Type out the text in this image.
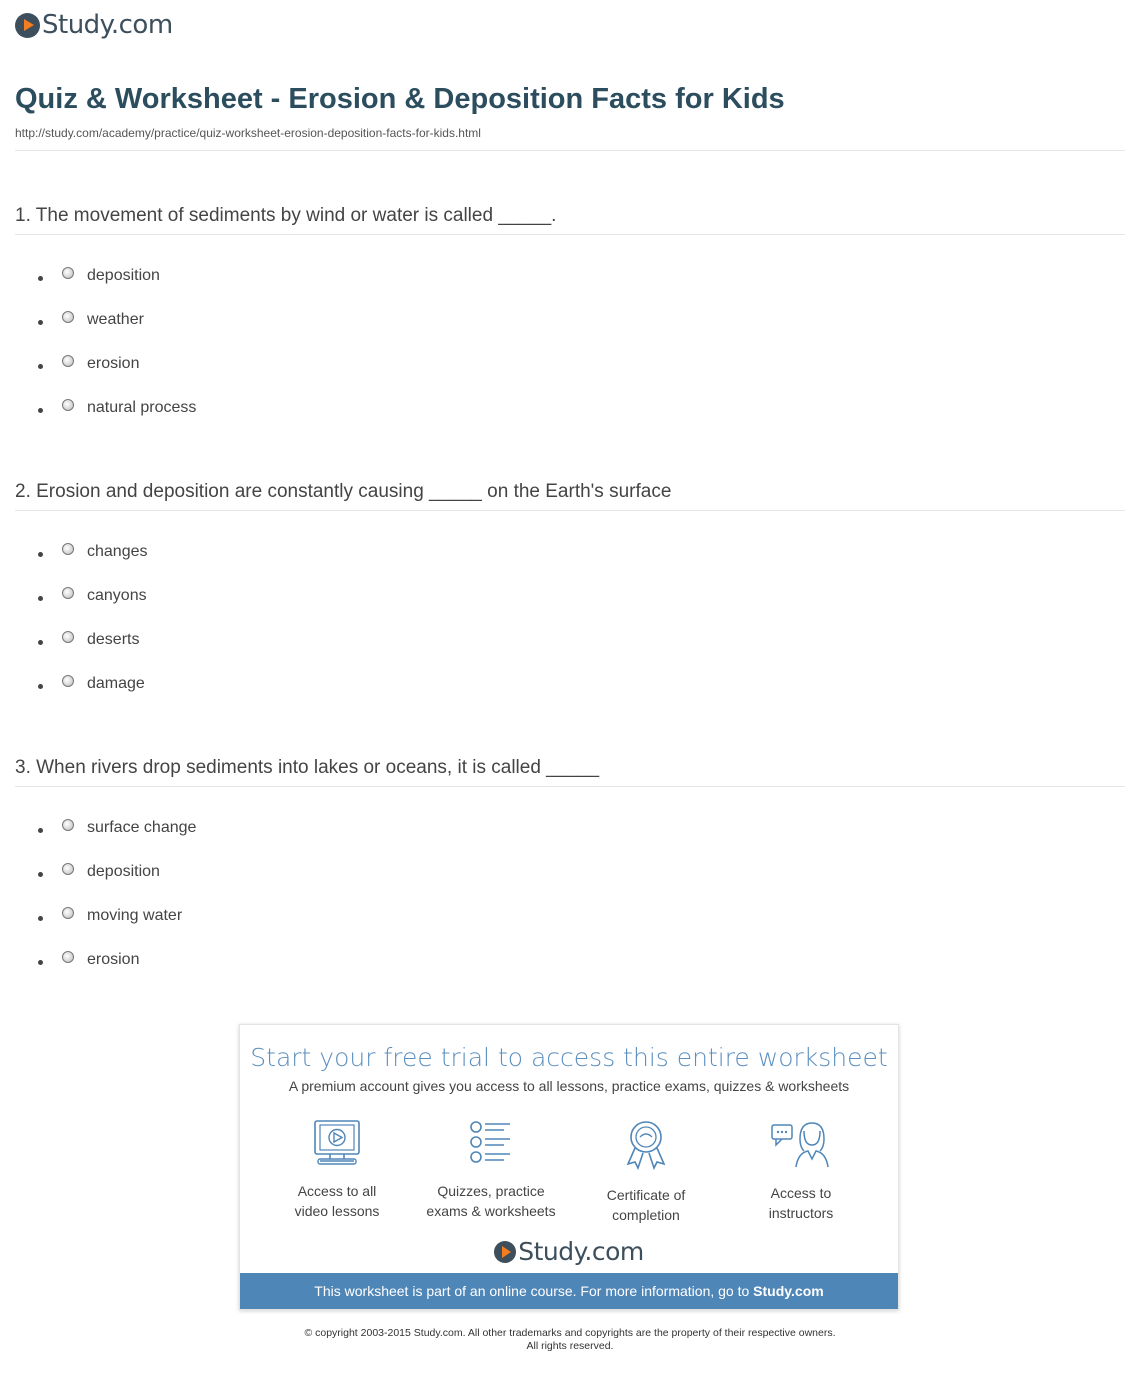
Study.com
Quiz & Worksheet - Erosion & Deposition Facts for Kids
http://study.com/academy/practice/quiz-worksheet-erosion-deposition-facts-for-kids.html
1. The movement of sediments by wind or water is called _____.
deposition
weather
erosion
natural process
2. Erosion and deposition are constantly causing _____ on the Earth's surface
changes
canyons
deserts
damage
3. When rivers drop sediments into lakes or oceans, it is called _____
surface change
deposition
moving water
erosion
Start your free trial to access this entire worksheet
A premium account gives you access to all lessons, practice exams, quizzes & worksheets
Access to all
video lessons
Quizzes, practice
exams & worksheets
Certificate of
completion
Access to
instructors
Study.com
This worksheet is part of an online course. For more information, go to Study.com
© copyright 2003-2015 Study.com. All other trademarks and copyrights are the property of their respective owners.
All rights reserved.
